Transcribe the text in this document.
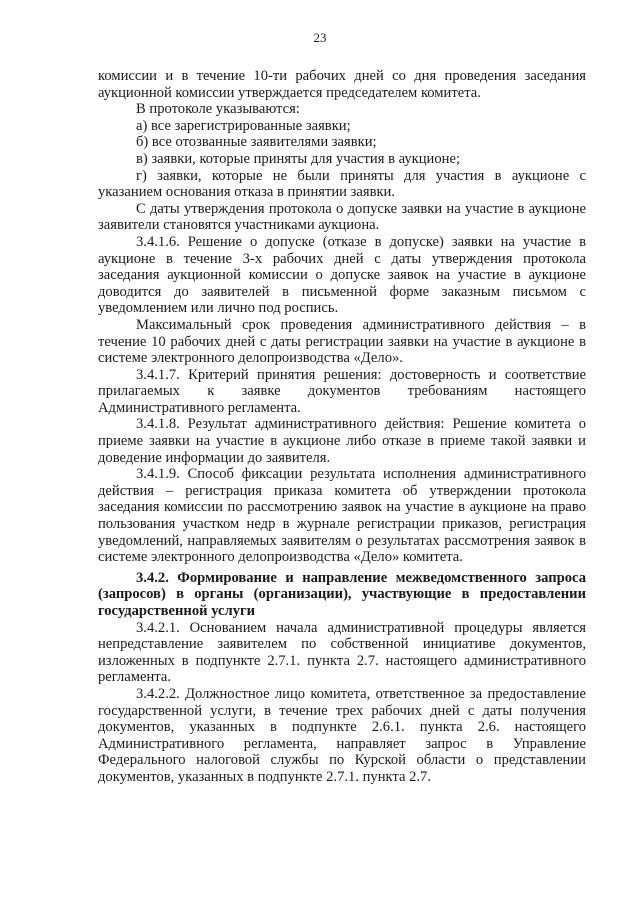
23

комиссии и в течение 10-ти рабочих дней со дня проведения заседания аукционной комиссии утверждается председателем комитета.

В протоколе указываются:

а) все зарегистрированные заявки;

б) все отозванные заявителями заявки;

в) заявки, которые приняты для участия в аукционе;

г) заявки, которые не были приняты для участия в аукционе с указанием основания отказа в принятии заявки.

С даты утверждения протокола о допуске заявки на участие в аукционе заявители становятся участниками аукциона.

3.4.1.6. Решение о допуске (отказе в допуске) заявки на участие в аукционе в течение 3-х рабочих дней с даты утверждения протокола заседания аукционной комиссии о допуске заявок на участие в аукционе доводится до заявителей в письменной форме заказным письмом с уведомлением или лично под роспись.

Максимальный срок проведения административного действия – в течение 10 рабочих дней с даты регистрации заявки на участие в аукционе в системе электронного делопроизводства «Дело».

3.4.1.7. Критерий принятия решения: достоверность и соответствие прилагаемых к заявке документов требованиям настоящего Административного регламента.

3.4.1.8. Результат административного действия: Решение комитета о приеме заявки на участие в аукционе либо отказе в приеме такой заявки и доведение информации до заявителя.

3.4.1.9. Способ фиксации результата исполнения административного действия – регистрация приказа комитета об утверждении протокола заседания комиссии по рассмотрению заявок на участие в аукционе на право пользования участком недр в журнале регистрации приказов, регистрация уведомлений, направляемых заявителям о результатах рассмотрения заявок в системе электронного делопроизводства «Дело» комитета.

3.4.2. Формирование и направление межведомственного запроса (запросов) в органы (организации), участвующие в предоставлении государственной услуги

3.4.2.1. Основанием начала административной процедуры является непредставление заявителем по собственной инициативе документов, изложенных в подпункте 2.7.1. пункта 2.7. настоящего административного регламента.

3.4.2.2. Должностное лицо комитета, ответственное за предоставление государственной услуги, в течение трех рабочих дней с даты получения документов, указанных в подпункте 2.6.1. пункта 2.6. настоящего Административного регламента, направляет запрос в Управление Федерального налоговой службы по Курской области о представлении документов, указанных в подпункте 2.7.1. пункта 2.7.
